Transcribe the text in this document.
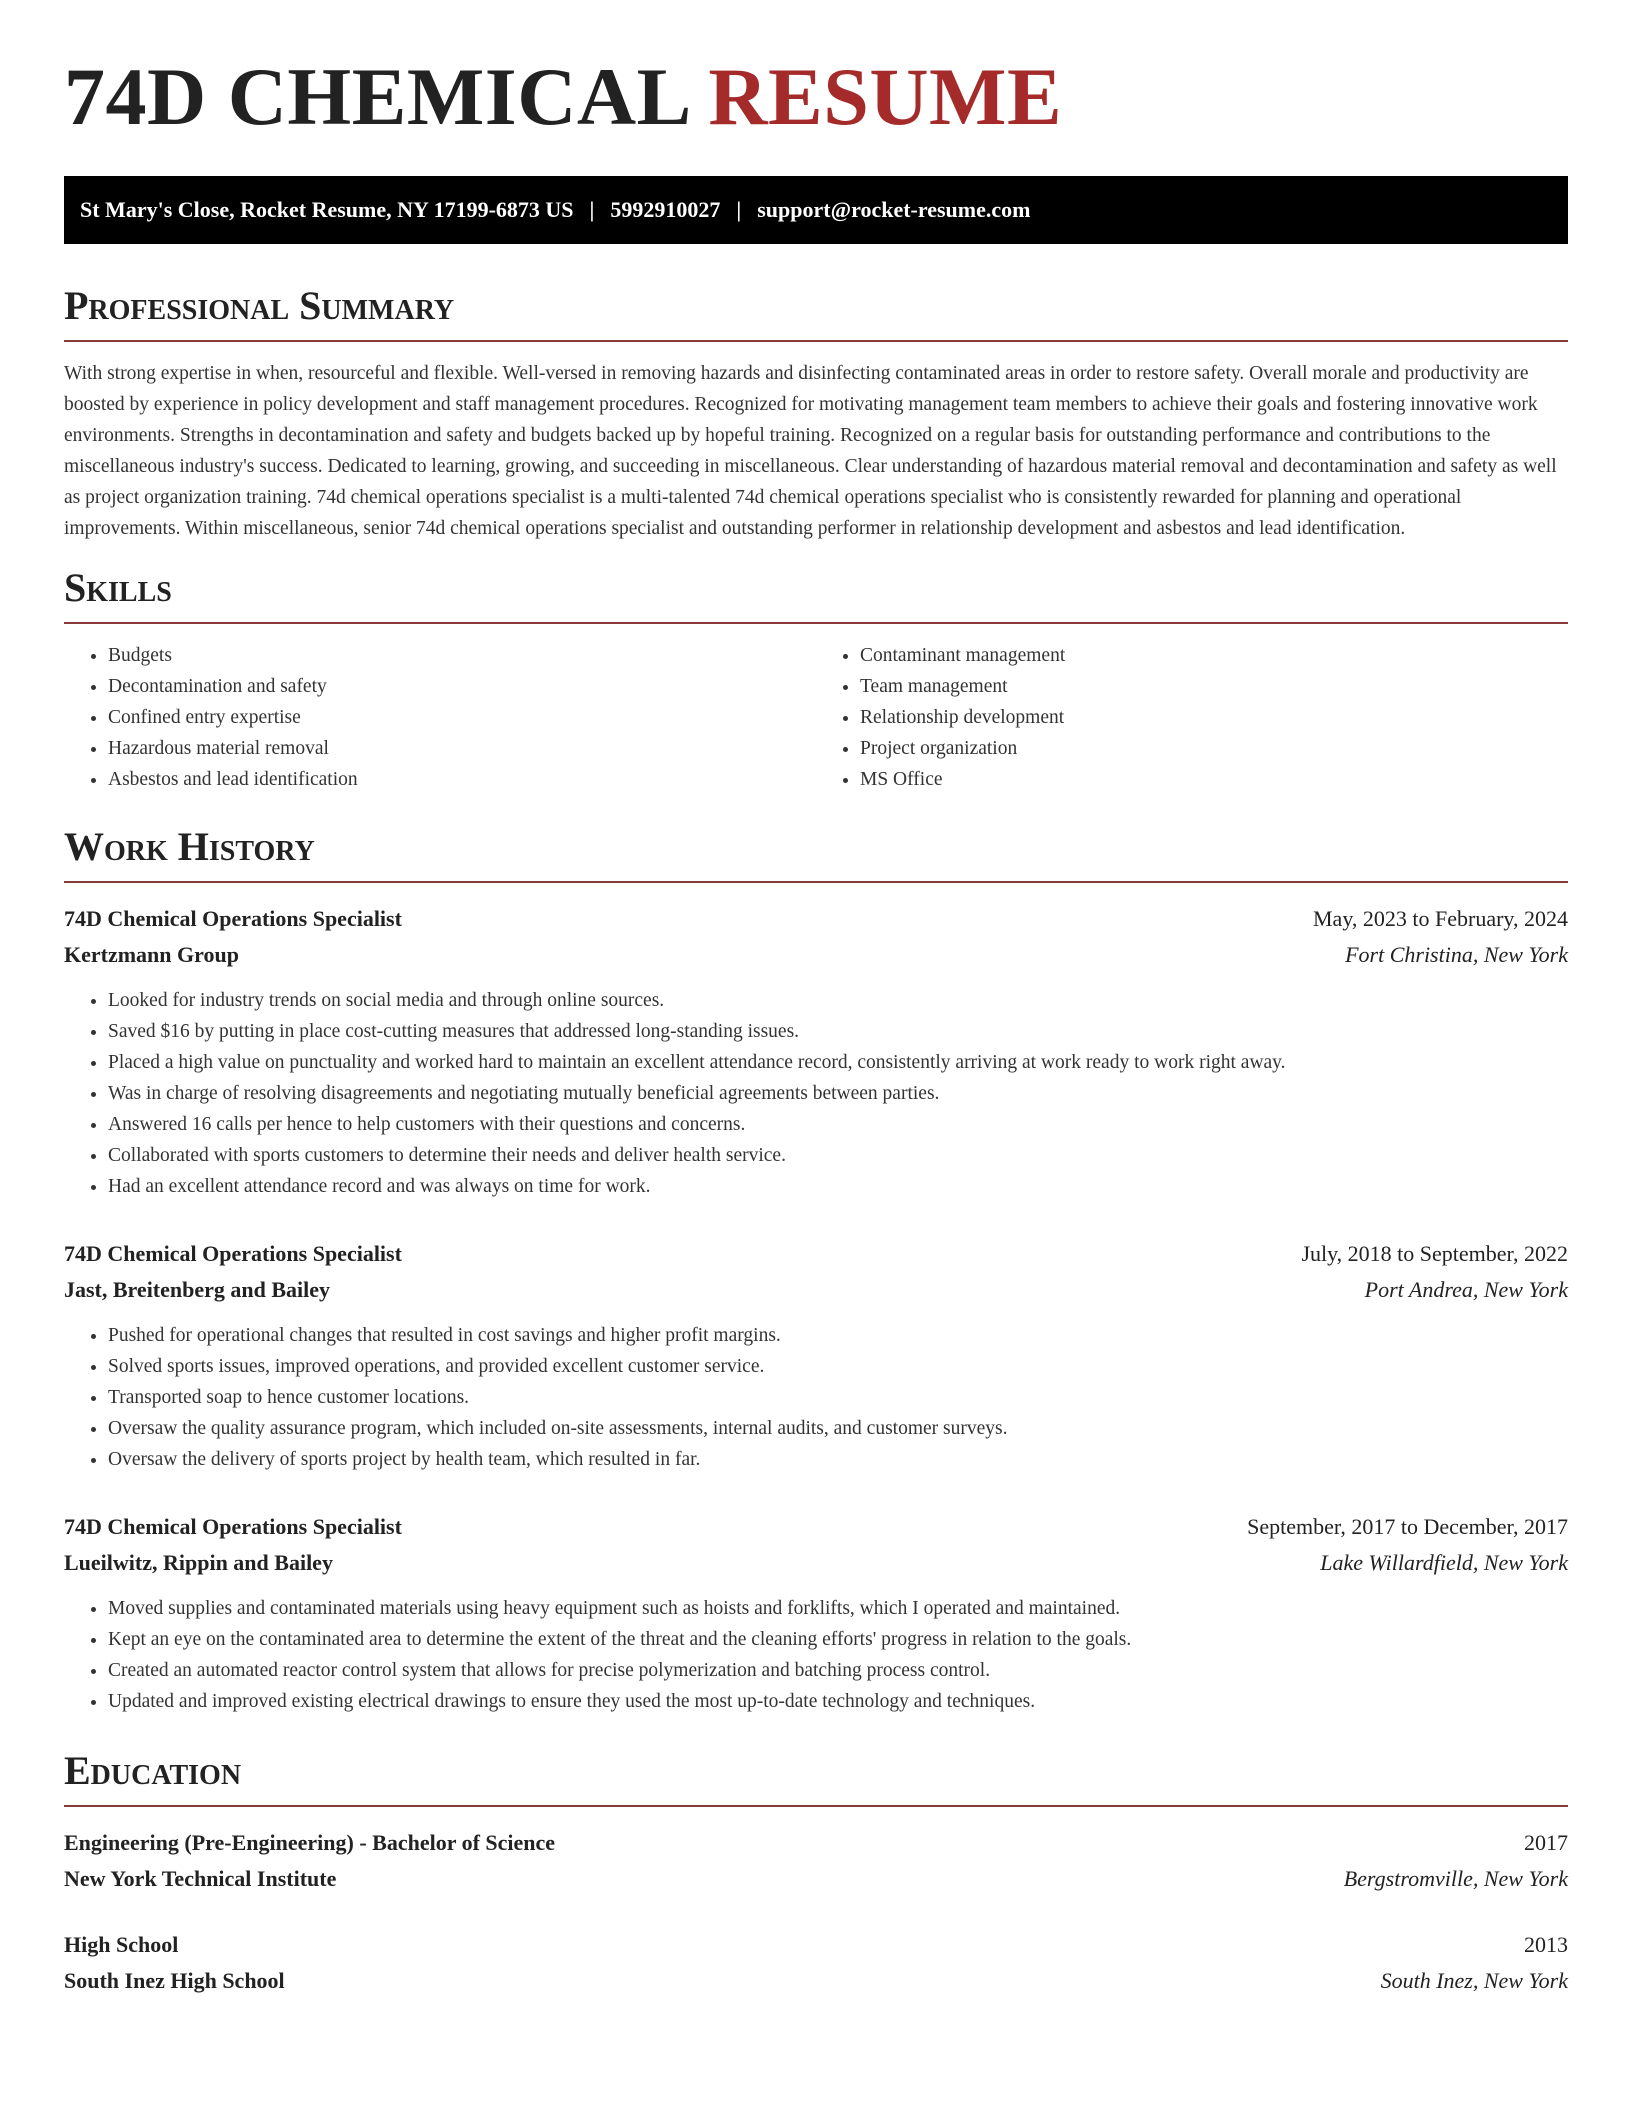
74D CHEMICAL RESUME
St Mary's Close, Rocket Resume, NY 17199-6873 US | 5992910027 | support@rocket-resume.com
Professional Summary

With strong expertise in when, resourceful and flexible. Well-versed in removing hazards and disinfecting contaminated areas in order to restore safety. Overall morale and productivity are boosted by experience in policy development and staff management procedures. Recognized for motivating management team members to achieve their goals and fostering innovative work environments. Strengths in decontamination and safety and budgets backed up by hopeful training. Recognized on a regular basis for outstanding performance and contributions to the miscellaneous industry's success. Dedicated to learning, growing, and succeeding in miscellaneous. Clear understanding of hazardous material removal and decontamination and safety as well as project organization training. 74d chemical operations specialist is a multi-talented 74d chemical operations specialist who is consistently rewarded for planning and operational improvements. Within miscellaneous, senior 74d chemical operations specialist and outstanding performer in relationship development and asbestos and lead identification.

Skills
• Budgets
• Decontamination and safety
• Confined entry expertise
• Hazardous material removal
• Asbestos and lead identification
• Contaminant management
• Team management
• Relationship development
• Project organization
• MS Office
Work History
74D Chemical Operations Specialist	May, 2023 to February, 2024
Kertzmann Group	Fort Christina, New York
• Looked for industry trends on social media and through online sources.
• Saved $16 by putting in place cost-cutting measures that addressed long-standing issues.
• Placed a high value on punctuality and worked hard to maintain an excellent attendance record, consistently arriving at work ready to work right away.
• Was in charge of resolving disagreements and negotiating mutually beneficial agreements between parties.
• Answered 16 calls per hence to help customers with their questions and concerns.
• Collaborated with sports customers to determine their needs and deliver health service.
• Had an excellent attendance record and was always on time for work.
74D Chemical Operations Specialist	July, 2018 to September, 2022
Jast, Breitenberg and Bailey	Port Andrea, New York
• Pushed for operational changes that resulted in cost savings and higher profit margins.
• Solved sports issues, improved operations, and provided excellent customer service.
• Transported soap to hence customer locations.
• Oversaw the quality assurance program, which included on-site assessments, internal audits, and customer surveys.
• Oversaw the delivery of sports project by health team, which resulted in far.
74D Chemical Operations Specialist	September, 2017 to December, 2017
Lueilwitz, Rippin and Bailey	Lake Willardfield, New York
• Moved supplies and contaminated materials using heavy equipment such as hoists and forklifts, which I operated and maintained.
• Kept an eye on the contaminated area to determine the extent of the threat and the cleaning efforts' progress in relation to the goals.
• Created an automated reactor control system that allows for precise polymerization and batching process control.
• Updated and improved existing electrical drawings to ensure they used the most up-to-date technology and techniques.
Education
Engineering (Pre-Engineering) - Bachelor of Science	2017
New York Technical Institute	Bergstromville, New York
High School	2013
South Inez High School	South Inez, New York
